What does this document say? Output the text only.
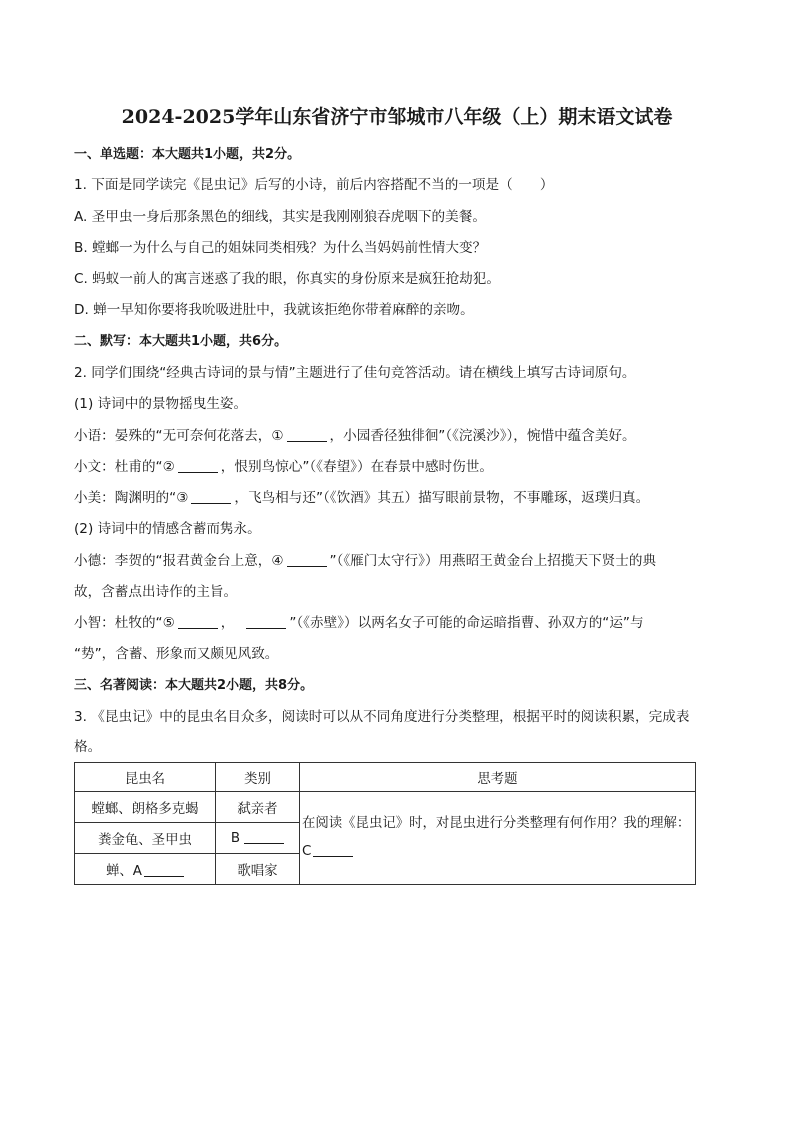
2024-2025学年山东省济宁市邹城市八年级（上）期末语文试卷
一、单选题：本大题共1小题，共2分。
1. 下面是同学读完《昆虫记》后写的小诗，前后内容搭配不当的一项是（　　）
A. 圣甲虫一身后那条黑色的细线，其实是我刚刚狼吞虎咽下的美餐。
B. 螳螂一为什么与自己的姐妹同类相残？为什么当妈妈前性情大变？
C. 蚂蚁一前人的寓言迷惑了我的眼，你真实的身份原来是疯狂抢劫犯。
D. 蝉一早知你要将我吮吸进肚中，我就该拒绝你带着麻醉的亲吻。
二、默写：本大题共1小题，共6分。
2. 同学们围绕“经典古诗词的景与情”主题进行了佳句竞答活动。请在横线上填写古诗词原句。
(1) 诗词中的景物摇曳生姿。
小语：晏殊的“无可奈何花落去，①	，小园香径独徘徊”（《浣溪沙》），惋惜中蕴含美好。
小文：杜甫的“②	，恨别鸟惊心”（《春望》）在春景中感时伤世。
小美：陶渊明的“③	，飞鸟相与还”（《饮酒》其五）描写眼前景物，不事雕琢，返璞归真。
(2) 诗词中的情感含蓄而隽永。
小德：李贺的“报君黄金台上意，④	”（《雁门太守行》）用燕昭王黄金台上招揽天下贤士的典
故，含蓄点出诗作的主旨。
小智：杜牧的“⑤	，	”（《赤壁》）以两名女子可能的命运暗指曹、孙双方的“运”与
“势”，含蓄、形象而又颇见风致。
三、名著阅读：本大题共2小题，共8分。
3. 《昆虫记》中的昆虫名目众多，阅读时可以从不同角度进行分类整理，根据平时的阅读积累，完成表
格。
昆虫名	类别	思考题
螳螂、朗格多克蝎	弑亲者	在阅读《昆虫记》时，对昆虫进行分类整理有何作用？我的理解：C
粪金龟、圣甲虫	B	
蝉、A	歌唱家	
